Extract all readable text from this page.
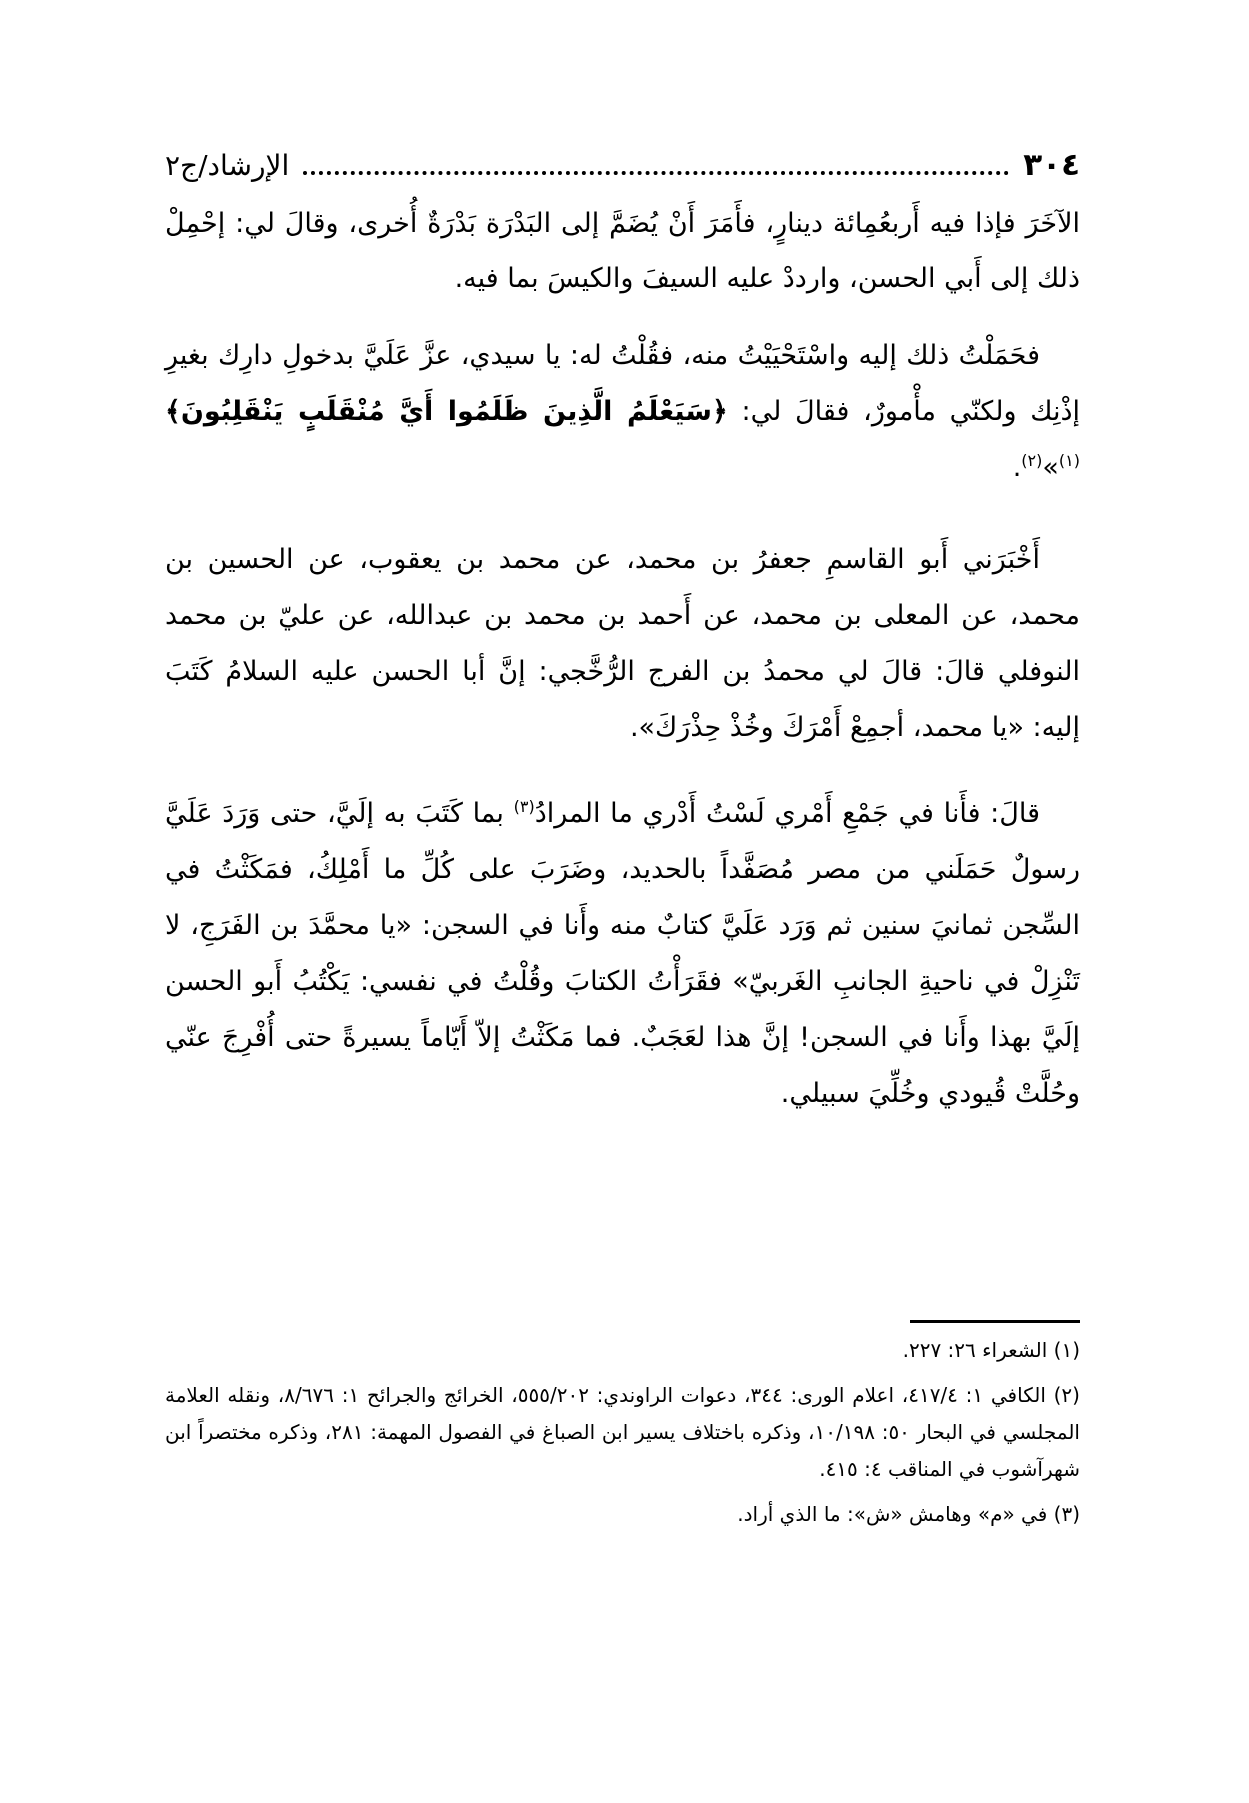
٣٠٤
الإرشاد/ج٢

الآخَرَ فإذا فيه أَربعُمِائة دينارٍ، فأَمَرَ أَنْ يُضَمَّ إلى البَدْرَة بَدْرَةٌ أُخرى، وقالَ لي: إحْمِلْ ذلك إلى أَبي الحسن، وارددْ عليه السيفَ والكيسَ بما فيه.

فحَمَلْتُ ذلك إليه واسْتَحْيَيْتُ منه، فقُلْتُ له: يا سيدي، عزَّ عَلَيَّ بدخولِ دارِك بغيرِ إذْنِك ولكنّي مأْمورٌ، فقالَ لي: ﴿سَيَعْلَمُ الَّذِينَ ظَلَمُوا أَيَّ مُنْقَلَبٍ يَنْقَلِبُونَ﴾$^{(١)}$»$^{(٢)}$.

أَخْبَرَني أَبو القاسمِ جعفرُ بن محمد، عن محمد بن يعقوب، عن الحسين بن محمد، عن المعلى بن محمد، عن أَحمد بن محمد بن عبدالله، عن عليّ بن محمد النوفلي قالَ: قالَ لي محمدُ بن الفرج الرُّخَّجي: إنَّ أبا الحسن عليه السلامُ كَتَبَ إليه: «يا محمد، أجمِعْ أَمْرَكَ وخُذْ حِذْرَكَ».

قالَ: فأَنا في جَمْعِ أَمْري لَسْتُ أَدْري ما المرادُ$^{(٣)}$ بما كَتَبَ به إلَيَّ، حتى وَرَدَ عَلَيَّ رسولٌ حَمَلَني من مصر مُصَفَّداً بالحديد، وضَرَبَ على كُلِّ ما أَمْلِكُ، فمَكَثْتُ في السِّجن ثمانيَ سنين ثم وَرَد عَلَيَّ كتابٌ منه وأَنا في السجن: «يا محمَّدَ بن الفَرَجِ، لا تَنْزِلْ في ناحيةِ الجانبِ الغَربيّ» فقَرَأْتُ الكتابَ وقُلْتُ في نفسي: يَكْتُبُ أَبو الحسن إلَيَّ بهذا وأَنا في السجن! إنَّ هذا لعَجَبٌ. فما مَكَثْتُ إلاّ أَيّاماً يسيرةً حتى أُفْرِجَ عنّي وحُلَّتْ قُيودي وخُلِّيَ سبيلي.

(١) الشعراء ٢٦: ٢٢٧.

(٢) الكافي ١: ٤١٧/٤، اعلام الورى: ٣٤٤، دعوات الراوندي: ٥٥٥/٢٠٢، الخرائج والجرائح ١: ٨/٦٧٦، ونقله العلامة المجلسي في البحار ٥٠: ١٠/١٩٨، وذكره باختلاف يسير ابن الصباغ في الفصول المهمة: ٢٨١، وذكره مختصراً ابن شهرآشوب في المناقب ٤: ٤١٥.

(٣) في «م» وهامش «ش»: ما الذي أراد.
